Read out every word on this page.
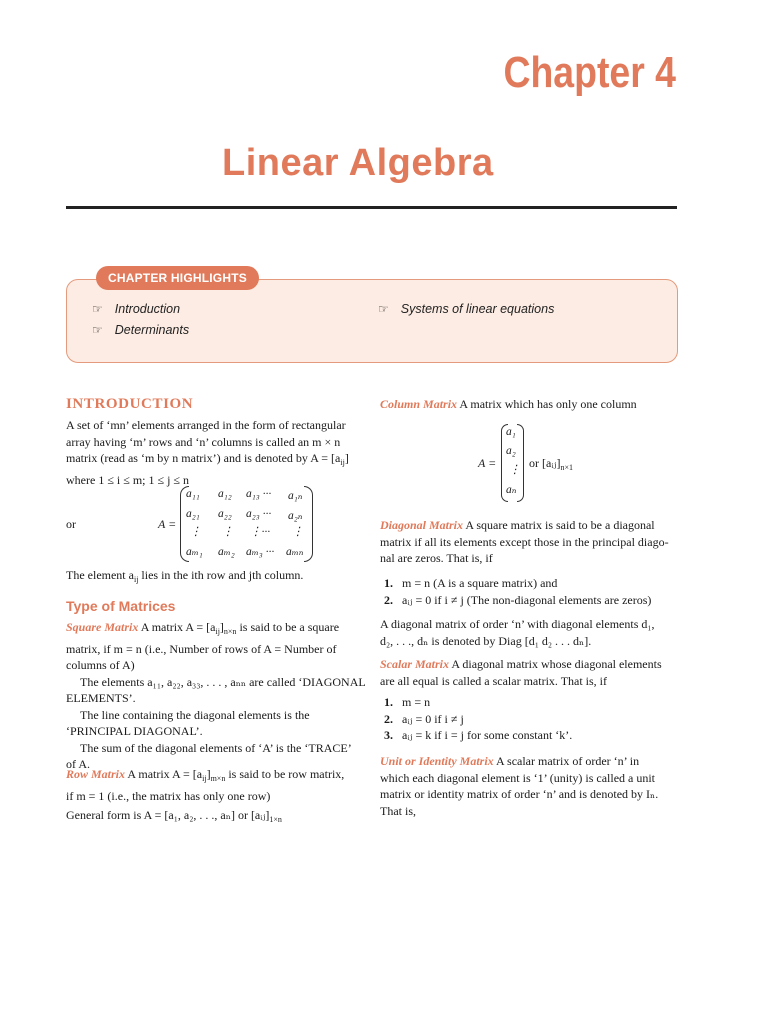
Chapter 4
Linear Algebra
CHAPTER HIGHLIGHTS
☞ Introduction
☞ Determinants
☞ Systems of linear equations
INTRODUCTION
A set of ‘mn’ elements arranged in the form of rectangular
array having ‘m’ rows and ‘n’ columns is called an m × n
matrix (read as ‘m by n matrix’) and is denoted by $A = [a_{ij}]$
where 1 ≤ i ≤ m; 1 ≤ j ≤ n
or	A =
a₁₁ a₁₂ a₁₃ ··· a₁ₙ
a₂₁ a₂₂ a₂₃ ··· a₂ₙ
⋮ ⋮ ⋮··· ⋮
aₘ₁ aₘ₂ aₘ₃ ··· aₘₙ
The element $a_{ij}$ lies in the ith row and jth column.
Type of Matrices
Square Matrix A matrix $A = [a_{ij}]_{n\times n}$ is said to be a square
matrix, if m = n (i.e., Number of rows of A = Number of
columns of A)
The elements a₁₁, a₂₂, a₃₃, . . . , aₙₙ are called ‘DIAGONAL
ELEMENTS’.
The line containing the diagonal elements is the
‘PRINCIPAL DIAGONAL’.
The sum of the diagonal elements of ‘A’ is the ‘TRACE’
of A.
Row Matrix A matrix $A = [a_{ij}]_{m\times n}$ is said to be row matrix,
if m = 1 (i.e., the matrix has only one row)
General form is A = [a₁, a₂, . . ., aₙ] or $[aᵢⱼ]_{1\times n}$
Column Matrix A matrix which has only one column
A =
a₁
a₂
⋮
aₙ
or $[aᵢⱼ]_{n\times 1}$
Diagonal Matrix A square matrix is said to be a diagonal
matrix if all its elements except those in the principal diago-
nal are zeros. That is, if
1. m = n (A is a square matrix) and
2. aᵢⱼ = 0 if i ≠ j (The non-diagonal elements are zeros)
A diagonal matrix of order ‘n’ with diagonal elements d₁,
d₂, . . ., dₙ is denoted by Diag [d₁ d₂ . . . dₙ].
Scalar Matrix A diagonal matrix whose diagonal elements
are all equal is called a scalar matrix. That is, if
1. m = n
2. aᵢⱼ = 0 if i ≠ j
3. aᵢⱼ = k if i = j for some constant ‘k’.
Unit or Identity Matrix A scalar matrix of order ‘n’ in
which each diagonal element is ‘1’ (unity) is called a unit
matrix or identity matrix of order ‘n’ and is denoted by Iₙ.
That is,
